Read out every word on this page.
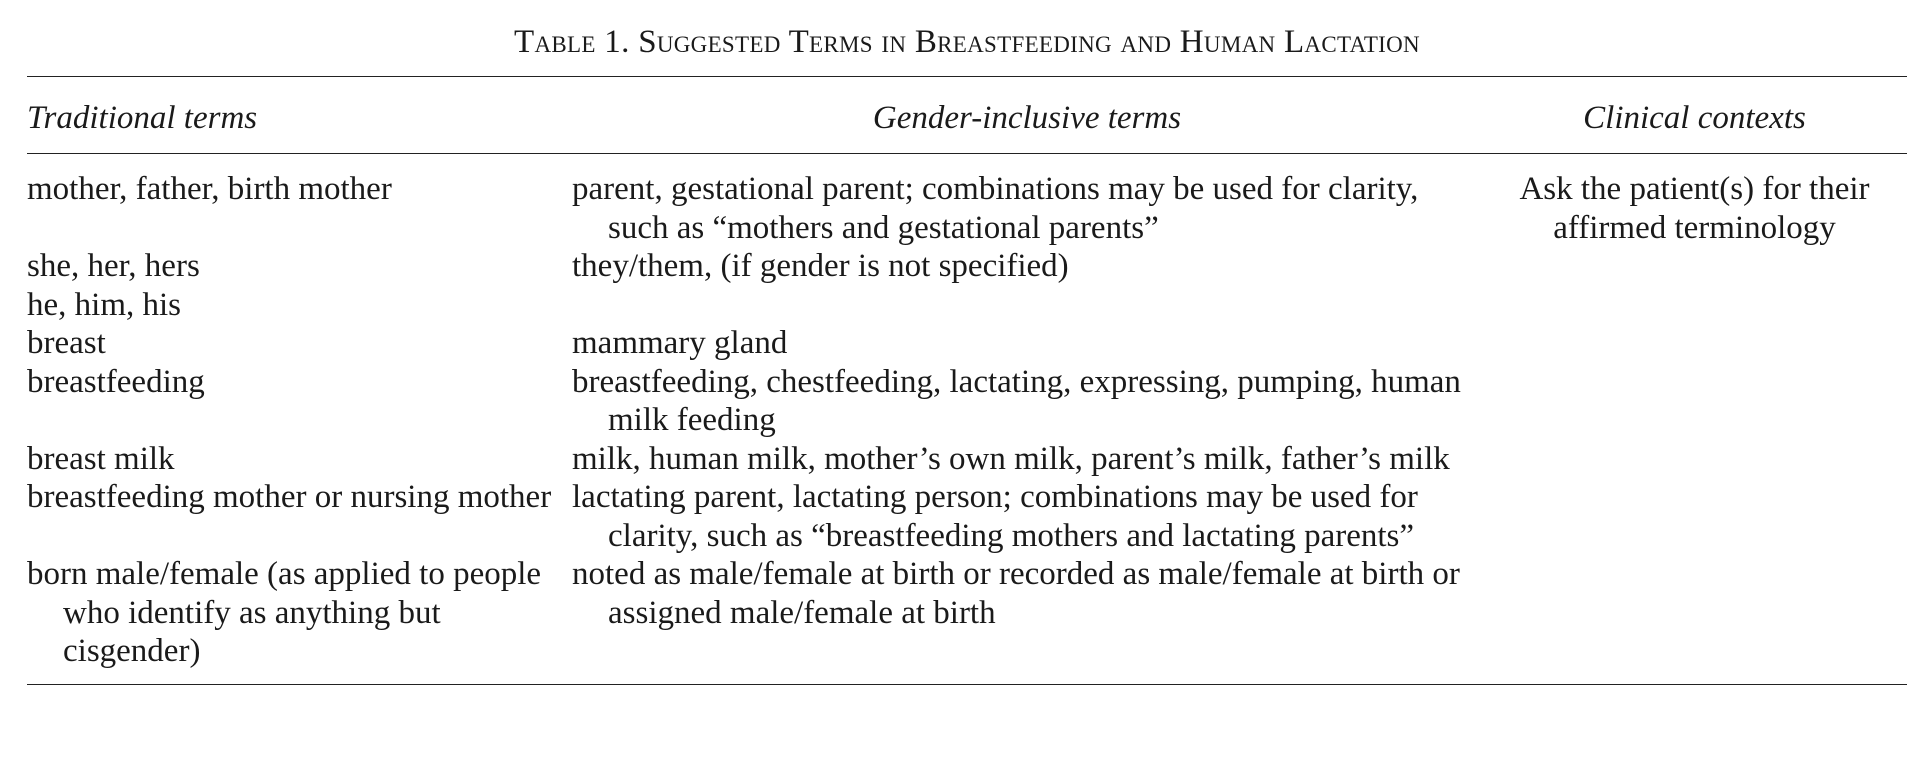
Table 1. Suggested Terms in Breastfeeding and Human Lactation
Traditional terms	Gender-inclusive terms	Clinical contexts
mother, father, birth mother	parent, gestational parent; combinations may be used for clarity, such as “mothers and gestational parents”	Ask the patient(s) for their affirmed terminology
she, her, hers	they/them, (if gender is not specified)	
he, him, his		
breast	mammary gland	
breastfeeding	breastfeeding, chestfeeding, lactating, expressing, pumping, human milk feeding	
breast milk	milk, human milk, mother’s own milk, parent’s milk, father’s milk	
breastfeeding mother or nursing mother	lactating parent, lactating person; combinations may be used for clarity, such as “breastfeeding mothers and lactating parents”	
born male/female (as applied to people who identify as anything but cisgender)	noted as male/female at birth or recorded as male/female at birth or assigned male/female at birth	
